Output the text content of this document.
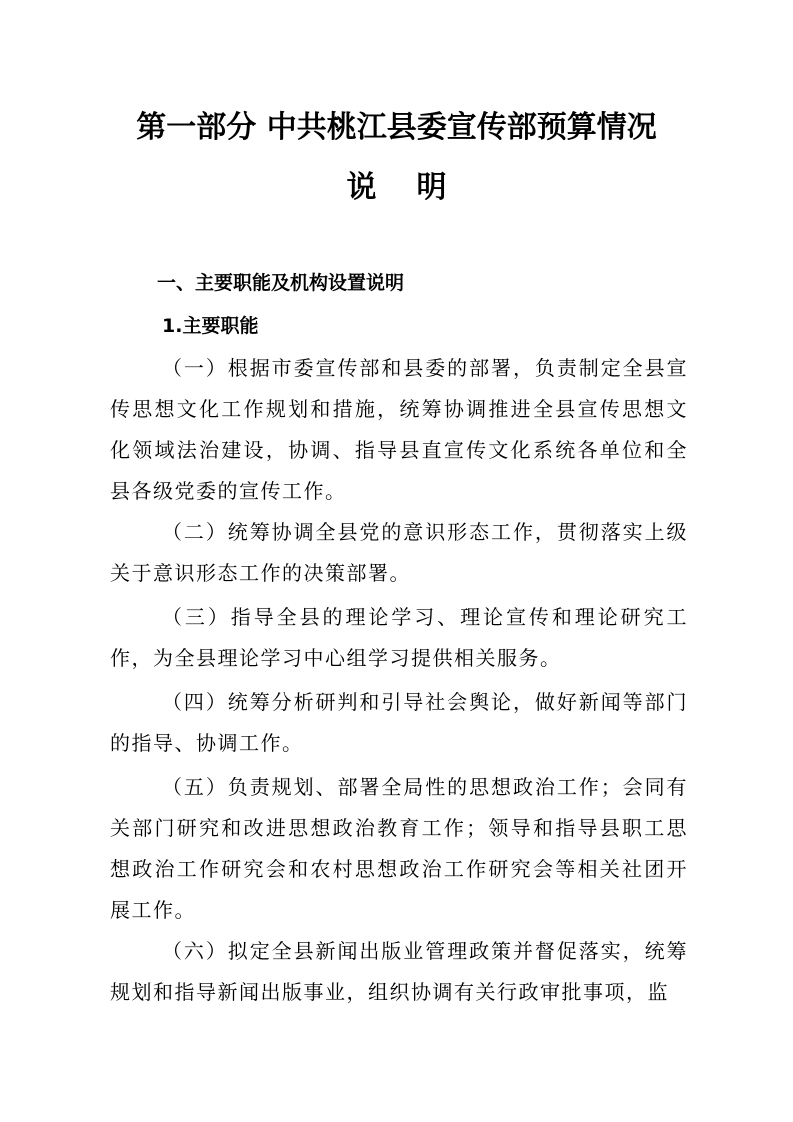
第一部分 中共桃江县委宣传部预算情况
说明
一、主要职能及机构设置说明
1.主要职能

（一）根据市委宣传部和县委的部署，负责制定全县宣传思想文化工作规划和措施，统筹协调推进全县宣传思想文化领域法治建设，协调、指导县直宣传文化系统各单位和全县各级党委的宣传工作。

（二）统筹协调全县党的意识形态工作，贯彻落实上级关于意识形态工作的决策部署。

（三）指导全县的理论学习、理论宣传和理论研究工作，为全县理论学习中心组学习提供相关服务。

（四）统筹分析研判和引导社会舆论，做好新闻等部门的指导、协调工作。

（五）负责规划、部署全局性的思想政治工作；会同有关部门研究和改进思想政治教育工作；领导和指导县职工思想政治工作研究会和农村思想政治工作研究会等相关社团开展工作。

（六）拟定全县新闻出版业管理政策并督促落实，统筹规划和指导新闻出版事业，组织协调有关行政审批事项，监
